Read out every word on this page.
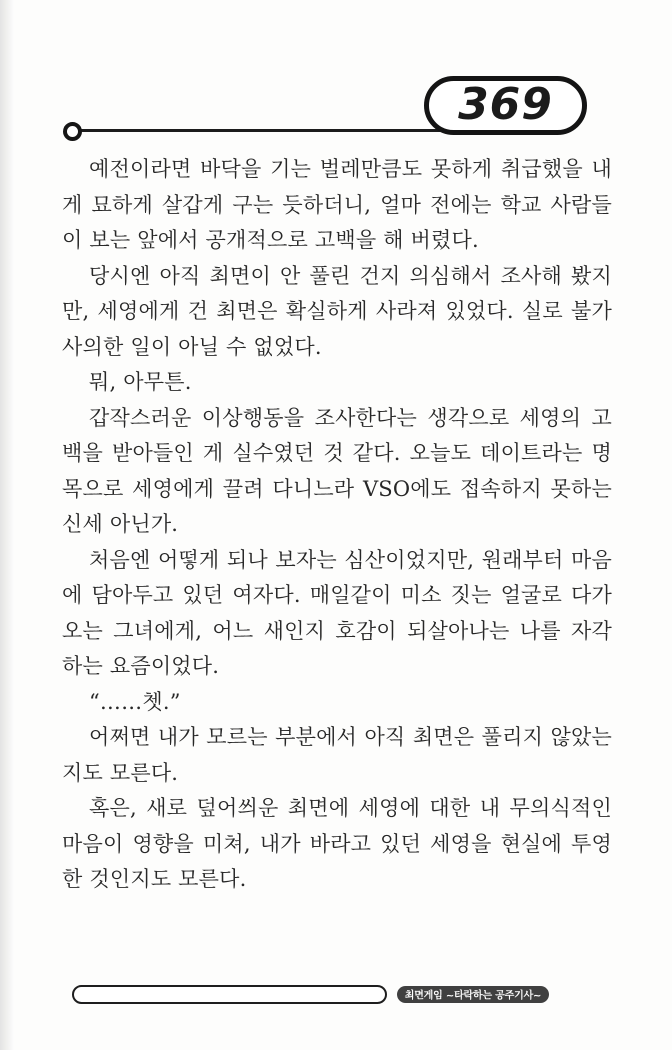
369
예전이라면 바닥을 기는 벌레만큼도 못하게 취급했을 내
게 묘하게 살갑게 구는 듯하더니, 얼마 전에는 학교 사람들
이 보는 앞에서 공개적으로 고백을 해 버렸다.
당시엔 아직 최면이 안 풀린 건지 의심해서 조사해 봤지
만, 세영에게 건 최면은 확실하게 사라져 있었다. 실로 불가
사의한 일이 아닐 수 없었다.
뭐, 아무튼.
갑작스러운 이상행동을 조사한다는 생각으로 세영의 고
백을 받아들인 게 실수였던 것 같다. 오늘도 데이트라는 명
목으로 세영에게 끌려 다니느라 VSO에도 접속하지 못하는
신세 아닌가.
처음엔 어떻게 되나 보자는 심산이었지만, 원래부터 마음
에 담아두고 있던 여자다. 매일같이 미소 짓는 얼굴로 다가
오는 그녀에게, 어느 새인지 호감이 되살아나는 나를 자각
하는 요즘이었다.
“……쳇.”
어쩌면 내가 모르는 부분에서 아직 최면은 풀리지 않았는
지도 모른다.
혹은, 새로 덮어씌운 최면에 세영에 대한 내 무의식적인
마음이 영향을 미쳐, 내가 바라고 있던 세영을 현실에 투영
한 것인지도 모른다.
최면게임 ~타락하는 공주기사~
